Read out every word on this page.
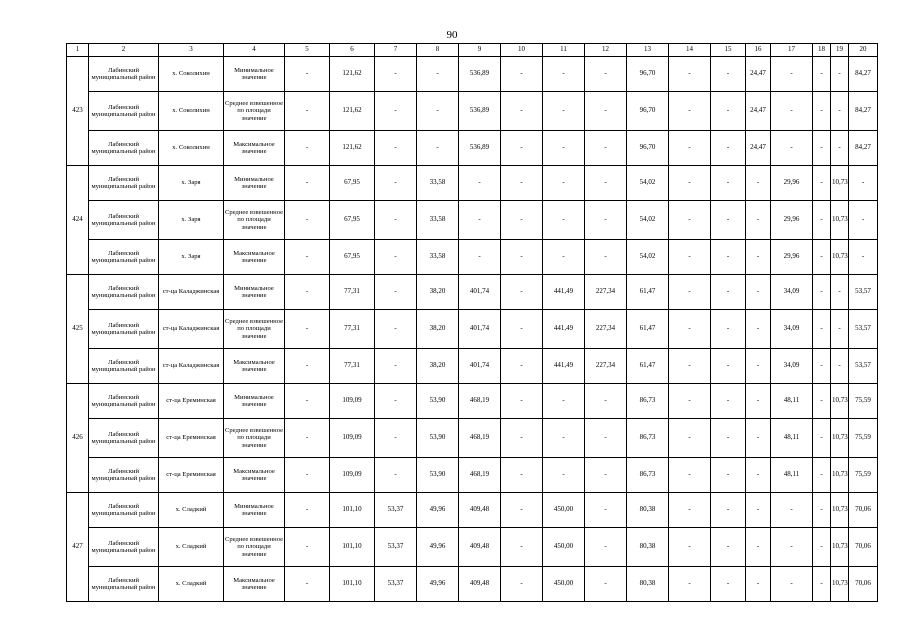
90
1	2	3	4	5	6	7	8	9	10	11	12	13	14	15	16	17	18	19	20
423	Лабинский муниципальный район	х. Соколихин	Минимальное значение	-	121,62	-	-	536,89	-	-	-	96,70	-	-	24,47	-	-	-	84,27
	Лабинский муниципальный район	х. Соколихин	Среднее взвешенное по площади значение	-	121,62	-	-	536,89	-	-	-	96,70	-	-	24,47	-	-	-	84,27
	Лабинский муниципальный район	х. Соколихин	Максимальное значение	-	121,62	-	-	536,89	-	-	-	96,70	-	-	24,47	-	-	-	84,27
424	Лабинский муниципальный район	х. Заря	Минимальное значение	-	67,95	-	33,58	-	-	-	-	54,02	-	-	-	29,96	-	10,73	-
	Лабинский муниципальный район	х. Заря	Среднее взвешенное по площади значение	-	67,95	-	33,58	-	-	-	-	54,02	-	-	-	29,96	-	10,73	-
	Лабинский муниципальный район	х. Заря	Максимальное значение	-	67,95	-	33,58	-	-	-	-	54,02	-	-	-	29,96	-	10,73	-
425	Лабинский муниципальный район	ст-ца Каладжинская	Минимальное значение	-	77,31	-	38,20	401,74	-	441,49	227,34	61,47	-	-	-	34,09	-	-	53,57
	Лабинский муниципальный район	ст-ца Каладжинская	Среднее взвешенное по площади значение	-	77,31	-	38,20	401,74	-	441,49	227,34	61,47	-	-	-	34,09	-	-	53,57
	Лабинский муниципальный район	ст-ца Каладжинская	Максимальное значение	-	77,31	-	38,20	401,74	-	441,49	227,34	61,47	-	-	-	34,09	-	-	53,57
426	Лабинский муниципальный район	ст-ца Ереминская	Минимальное значение	-	109,09	-	53,90	468,19	-	-	-	86,73	-	-	-	48,11	-	10,73	75,59
	Лабинский муниципальный район	ст-ца Ереминская	Среднее взвешенное по площади значение	-	109,09	-	53,90	468,19	-	-	-	86,73	-	-	-	48,11	-	10,73	75,59
	Лабинский муниципальный район	ст-ца Ереминская	Максимальное значение	-	109,09	-	53,90	468,19	-	-	-	86,73	-	-	-	48,11	-	10,73	75,59
427	Лабинский муниципальный район	х. Сладкий	Минимальное значение	-	101,10	53,37	49,96	409,48	-	450,00	-	80,38	-	-	-	-	-	10,73	70,06
	Лабинский муниципальный район	х. Сладкий	Среднее взвешенное по площади значение	-	101,10	53,37	49,96	409,48	-	450,00	-	80,38	-	-	-	-	-	10,73	70,06
	Лабинский муниципальный район	х. Сладкий	Максимальное значение	-	101,10	53,37	49,96	409,48	-	450,00	-	80,38	-	-	-	-	-	10,73	70,06
